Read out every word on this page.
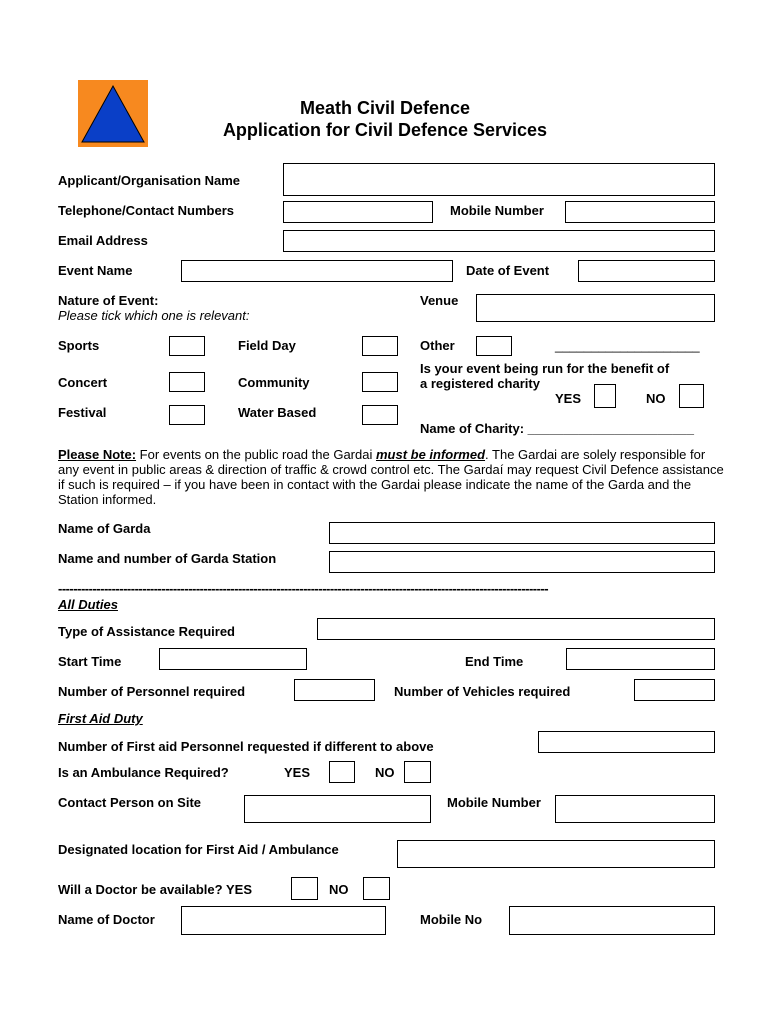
Meath Civil Defence
Application for Civil Defence Services
Applicant/Organisation Name
Telephone/Contact Numbers	Mobile Number
Email Address
Event Name	Date of Event
Nature of Event:
Please tick which one is relevant:
Venue
Sports	Field Day	Other	____________________
Concert	Community
Is your event being run for the benefit of
a registered charity
YES	NO
Festival	Water Based
Name of Charity: _______________________
Please Note: For events on the public road the Gardai must be informed. The Gardai are solely responsible for any event in public areas & direction of traffic & crowd control etc. The Gardaí may request Civil Defence assistance if such is required – if you have been in contact with the Gardai please indicate the name of the Garda and the Station informed.
Name of Garda
Name and number of Garda Station
--------------------------------------------------------------------------------------------------------------------------------
All Duties
Type of Assistance Required
Start Time	End Time
Number of Personnel required	Number of Vehicles required
First Aid Duty
Number of First aid Personnel requested if different to above
Is an Ambulance Required?	YES	NO
Contact Person on Site	Mobile Number
Designated location for First Aid / Ambulance
Will a Doctor be available? YES	NO
Name of Doctor	Mobile No
